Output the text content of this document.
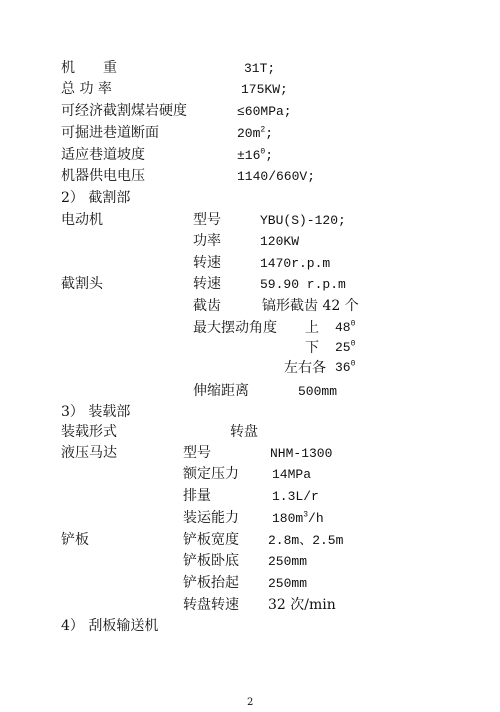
机　　重	31T;
总 功 率	175KW;
可经济截割煤岩硬度	≤60MPa;
可掘进巷道断面	$20m^2$;
适应巷道坡度	$\pm 16^0$;
机器供电电压	1140/660V;
2） 截割部
电动机	型号	YBU(S)-120;
功率	120KW
转速	1470r.p.m
截割头	转速	59.90 r.p.m
截齿	镐形截齿 42 个
最大摆动角度 上 $48^0$
下 $25^0$
左右各 $36^0$
伸缩距离	500mm
3） 装载部
装载形式	转盘
液压马达	型号	NHM-1300
额定压力	14MPa
排量	1.3L/r
装运能力	$180m^3/h$
铲板	铲板宽度 2.8m、2.5m
铲板卧底 250mm
铲板抬起 250mm
转盘转速 32 次/min
4） 刮板输送机
2
